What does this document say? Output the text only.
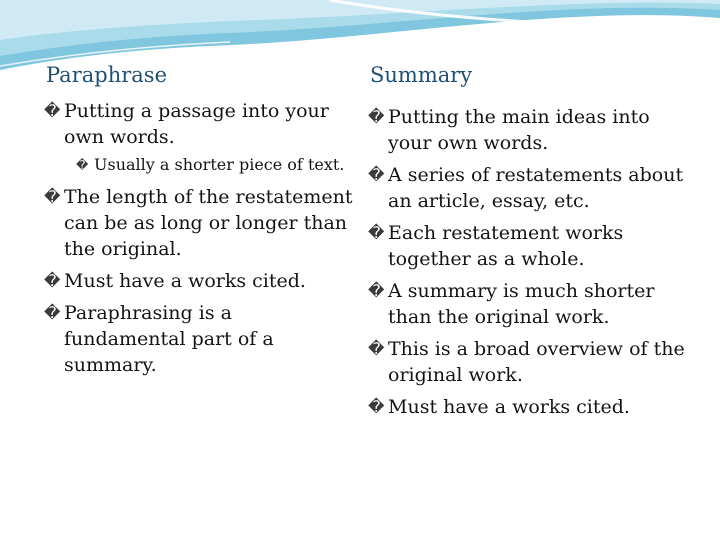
Paraphrase
� Putting a passage into your own words.
� Usually a shorter piece of text.
� The length of the restatement can be as long or longer than the original.
� Must have a works cited.
� Paraphrasing is a fundamental part of a summary.
Summary
� Putting the main ideas into your own words.
� A series of restatements about an article, essay, etc.
� Each restatement works together as a whole.
� A summary is much shorter than the original work.
� This is a broad overview of the original work.
� Must have a works cited.
